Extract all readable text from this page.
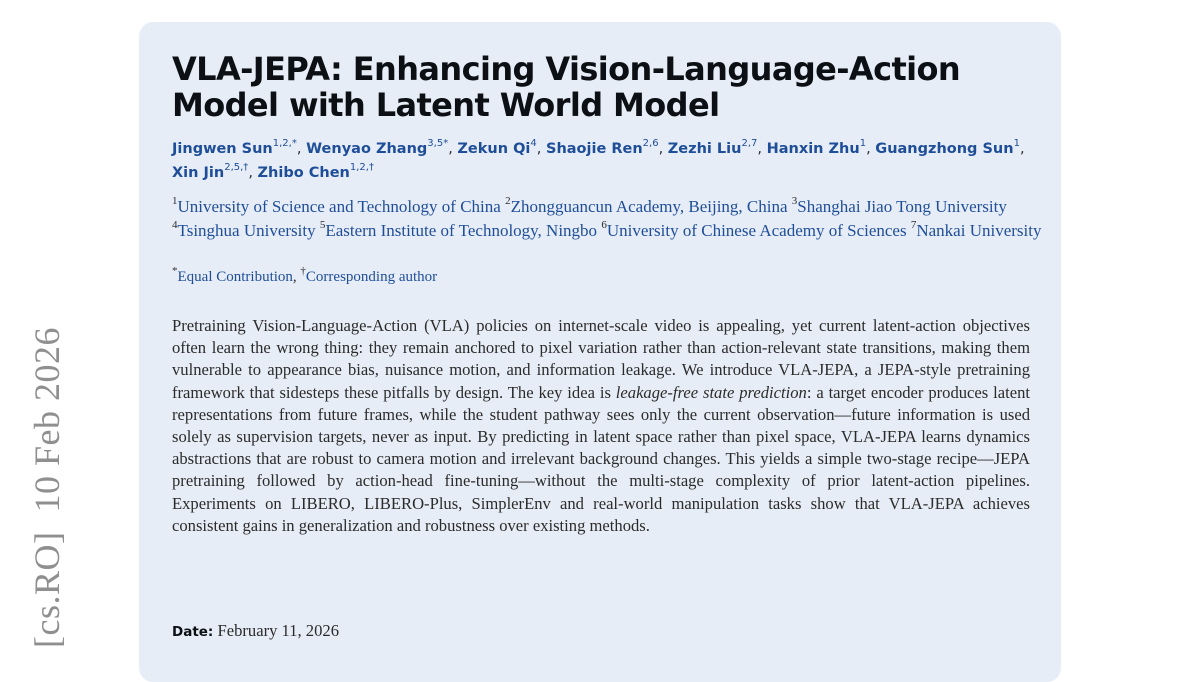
[cs.RO]  10 Feb 2026
VLA-JEPA: Enhancing Vision-Language-Action Model with Latent World Model
Jingwen Sun$^{1,2,*}$, Wenyao Zhang$^{3,5*}$, Zekun Qi$^4$, Shaojie Ren$^{2,6}$, Zezhi Liu$^{2,7}$, Hanxin Zhu$^1$, Guangzhong Sun$^1$, Xin Jin$^{2,5,\dagger}$, Zhibo Chen$^{1,2,\dagger}$
$^1$University of Science and Technology of China $^2$Zhongguancun Academy, Beijing, China $^3$Shanghai Jiao Tong University $^4$Tsinghua University $^5$Eastern Institute of Technology, Ningbo $^6$University of Chinese Academy of Sciences $^7$Nankai University
*Equal Contribution, †Corresponding author
Pretraining Vision-Language-Action (VLA) policies on internet-scale video is appealing, yet current latent-action objectives often learn the wrong thing: they remain anchored to pixel variation rather than action-relevant state transitions, making them vulnerable to appearance bias, nuisance motion, and information leakage. We introduce VLA-JEPA, a JEPA-style pretraining framework that sidesteps these pitfalls by design. The key idea is leakage-free state prediction: a target encoder produces latent representations from future frames, while the student pathway sees only the current observation—future information is used solely as supervision targets, never as input. By predicting in latent space rather than pixel space, VLA-JEPA learns dynamics abstractions that are robust to camera motion and irrelevant background changes. This yields a simple two-stage recipe—JEPA pretraining followed by action-head fine-tuning—without the multi-stage complexity of prior latent-action pipelines. Experiments on LIBERO, LIBERO-Plus, SimplerEnv and real-world manipulation tasks show that VLA-JEPA achieves consistent gains in generalization and robustness over existing methods.
Date: February 11, 2026
